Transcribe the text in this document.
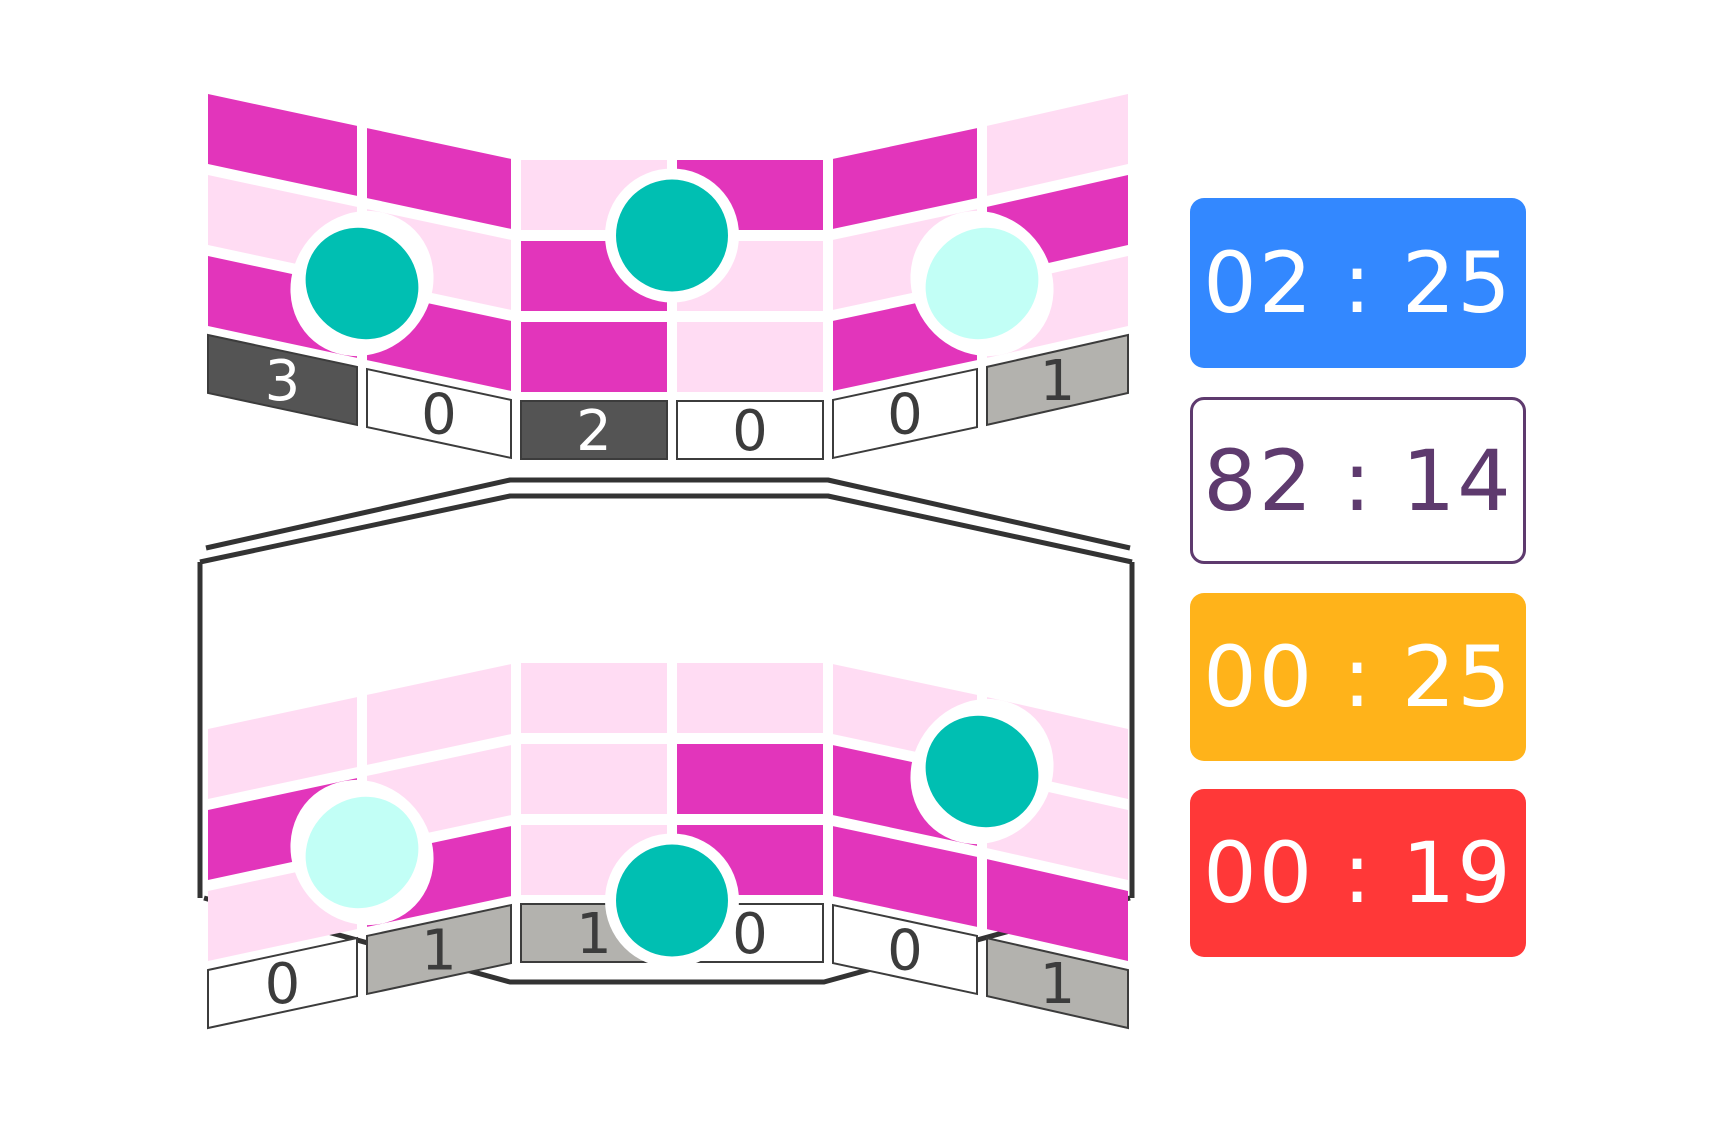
3
0 2 0 0
1
0
1 1 0 0
1
02 : 25
82 : 14
00 : 25
00 : 19
